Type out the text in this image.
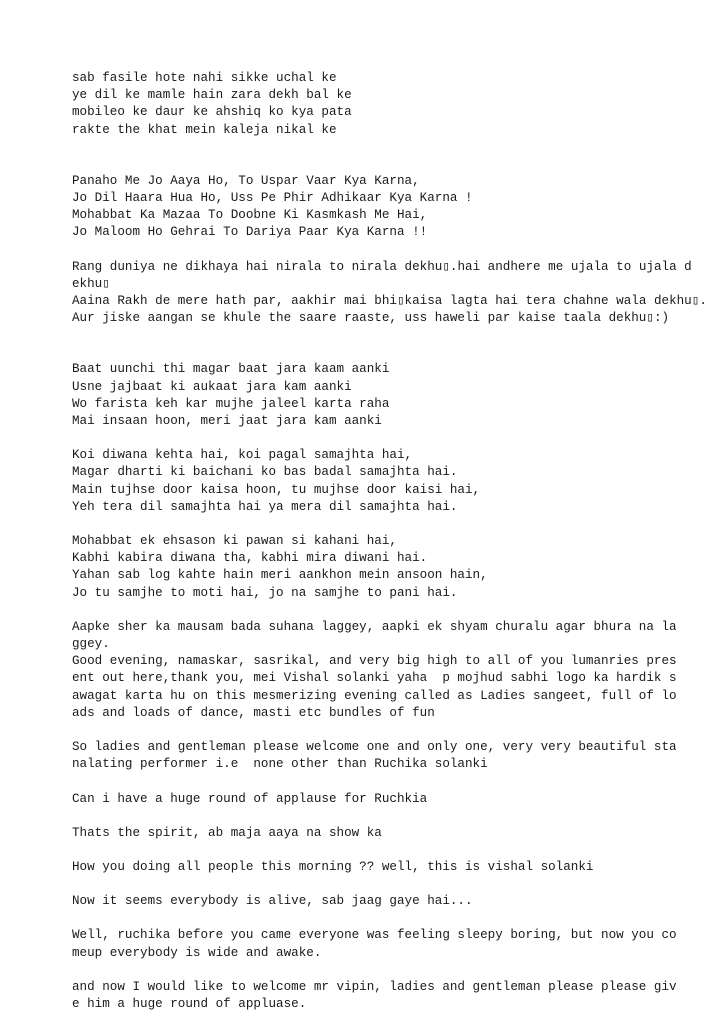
sab fasile hote nahi sikke uchal ke
ye dil ke mamle hain zara dekh bal ke
mobileo ke daur ke ahshiq ko kya pata
rakte the khat mein kaleja nikal ke
Panaho Me Jo Aaya Ho, To Uspar Vaar Kya Karna,
Jo Dil Haara Hua Ho, Uss Pe Phir Adhikaar Kya Karna !
Mohabbat Ka Mazaa To Doobne Ki Kasmkash Me Hai,
Jo Maloom Ho Gehrai To Dariya Paar Kya Karna !!
Rang duniya ne dikhaya hai nirala to nirala dekhu▯.hai andhere me ujala to ujala d
ekhu▯
Aaina Rakh de mere hath par, aakhir mai bhi▯kaisa lagta hai tera chahne wala dekhu▯.
Aur jiske aangan se khule the saare raaste, uss haweli par kaise taala dekhu▯:)
Baat uunchi thi magar baat jara kaam aanki
Usne jajbaat ki aukaat jara kam aanki
Wo farista keh kar mujhe jaleel karta raha
Mai insaan hoon, meri jaat jara kam aanki
Koi diwana kehta hai, koi pagal samajhta hai,
Magar dharti ki baichani ko bas badal samajhta hai.
Main tujhse door kaisa hoon, tu mujhse door kaisi hai,
Yeh tera dil samajhta hai ya mera dil samajhta hai.
Mohabbat ek ehsason ki pawan si kahani hai,
Kabhi kabira diwana tha, kabhi mira diwani hai.
Yahan sab log kahte hain meri aankhon mein ansoon hain,
Jo tu samjhe to moti hai, jo na samjhe to pani hai.
Aapke sher ka mausam bada suhana laggey, aapki ek shyam churalu agar bhura na la
ggey.
Good evening, namaskar, sasrikal, and very big high to all of you lumanries pres
ent out here,thank you, mei Vishal solanki yaha  p mojhud sabhi logo ka hardik s
awagat karta hu on this mesmerizing evening called as Ladies sangeet, full of lo
ads and loads of dance, masti etc bundles of fun
So ladies and gentleman please welcome one and only one, very very beautiful sta
nalating performer i.e  none other than Ruchika solanki
Can i have a huge round of applause for Ruchkia
Thats the spirit, ab maja aaya na show ka
How you doing all people this morning ?? well, this is vishal solanki
Now it seems everybody is alive, sab jaag gaye hai...
Well, ruchika before you came everyone was feeling sleepy boring, but now you co
meup everybody is wide and awake.
and now I would like to welcome mr vipin, ladies and gentleman please please giv
e him a huge round of appluase.
